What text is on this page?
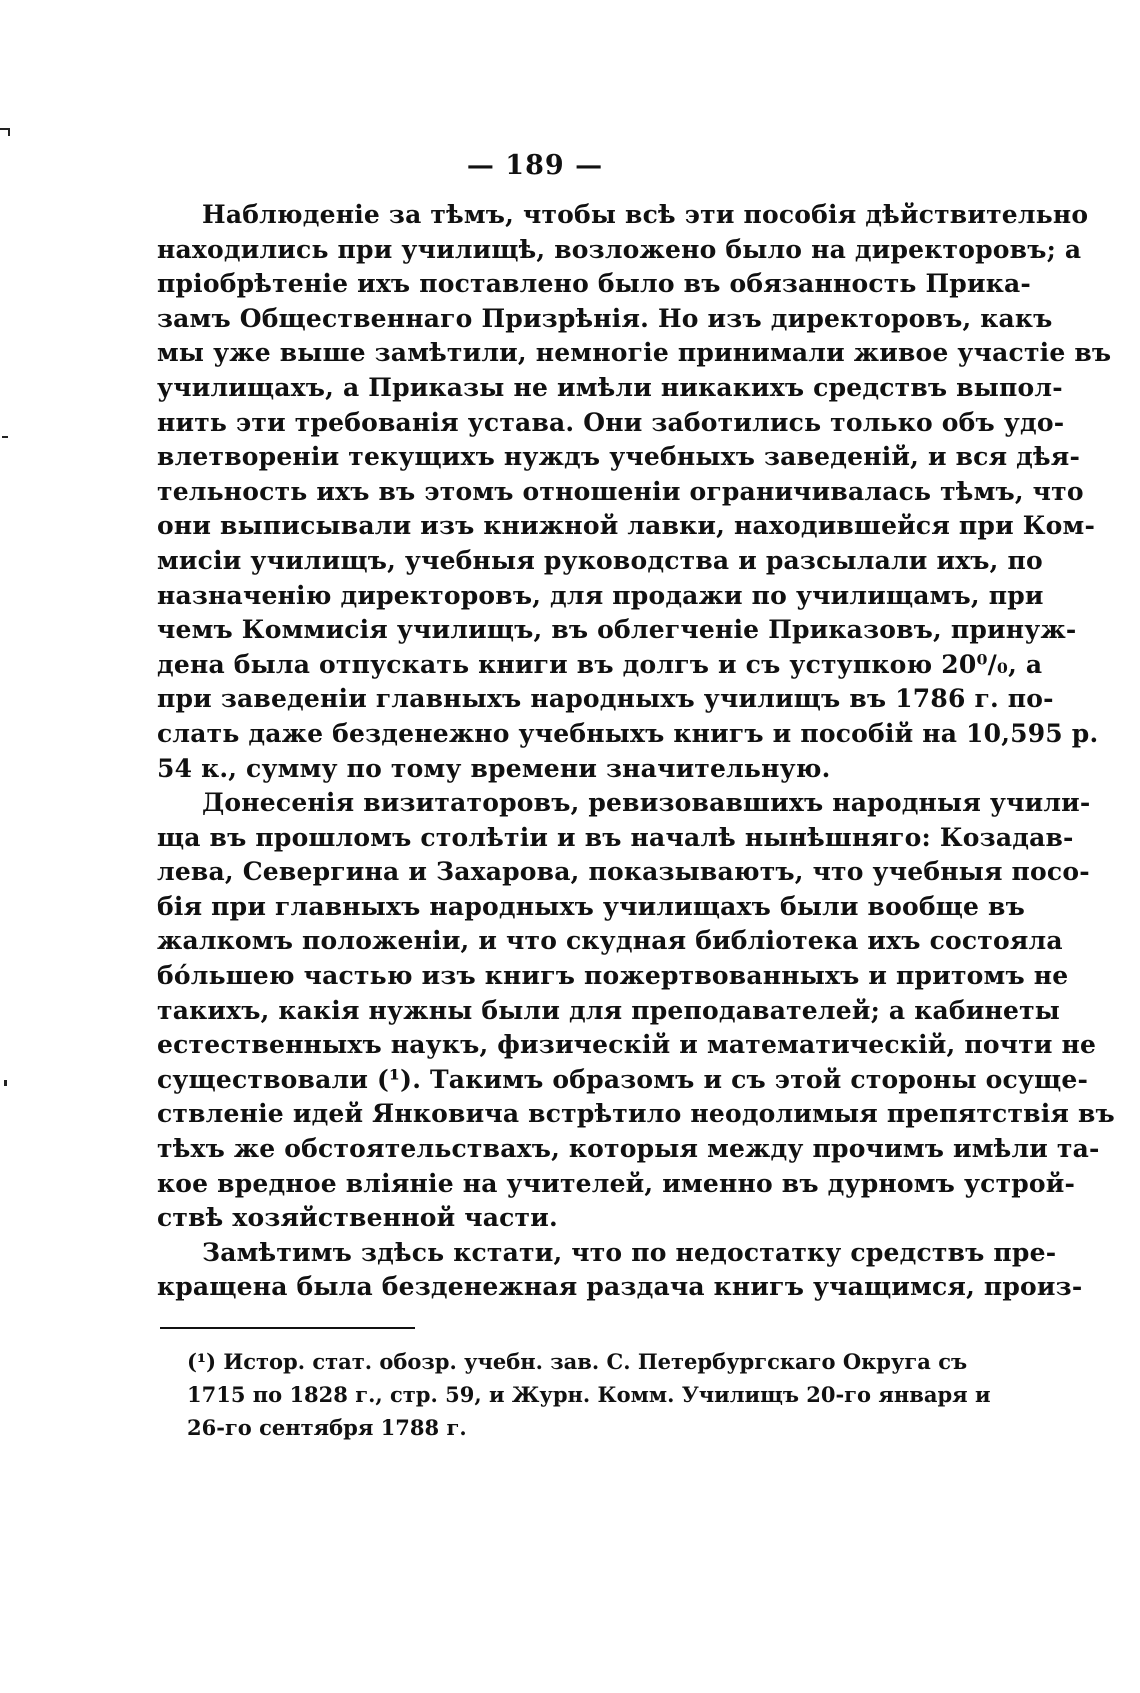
— 189 —
Наблюденіе за тѣмъ, чтобы всѣ эти пособія дѣйствительно
находились при училищѣ, возложено было на директоровъ; а
пріобрѣтеніе ихъ поставлено было въ обязанность Прика-
замъ Общественнаго Призрѣнія. Но изъ директоровъ, какъ
мы уже выше замѣтили, немногіе принимали живое участіе въ
училищахъ, а Приказы не имѣли никакихъ средствъ выпол-
нить эти требованія устава. Они заботились только объ удо-
влетвореніи текущихъ нуждъ учебныхъ заведеній, и вся дѣя-
тельность ихъ въ этомъ отношеніи ограничивалась тѣмъ, что
они выписывали изъ книжной лавки, находившейся при Ком-
мисіи училищъ, учебныя руководства и разсылали ихъ, по
назначенію директоровъ, для продажи по училищамъ, при
чемъ Коммисія училищъ, въ облегченіе Приказовъ, принуж-
дена была отпускать книги въ долгъ и съ уступкою 20⁰/₀, а
при заведеніи главныхъ народныхъ училищъ въ 1786 г. по-
слать даже безденежно учебныхъ книгъ и пособій на 10,595 р.
54 к., сумму по тому времени значительную.
Донесенія визитаторовъ, ревизовавшихъ народныя учили-
ща въ прошломъ столѣтіи и въ началѣ нынѣшняго: Козадав-
лева, Севергина и Захарова, показываютъ, что учебныя посо-
бія при главныхъ народныхъ училищахъ были вообще въ
жалкомъ положеніи, и что скудная библіотека ихъ состояла
бо́льшею частью изъ книгъ пожертвованныхъ и притомъ не
такихъ, какія нужны были для преподавателей; а кабинеты
естественныхъ наукъ, физическій и математическій, почти не
существовали (¹). Такимъ образомъ и съ этой стороны осуще-
ствленіе идей Янковича встрѣтило неодолимыя препятствія въ
тѣхъ же обстоятельствахъ, которыя между прочимъ имѣли та-
кое вредное вліяніе на учителей, именно въ дурномъ устрой-
ствѣ хозяйственной части.
Замѣтимъ здѣсь кстати, что по недостатку средствъ пре-
кращена была безденежная раздача книгъ учащимся, произ-
(¹) Истор. стат. обозр. учебн. зав. С. Петербургскаго Округа съ
1715 по 1828 г., стр. 59, и Журн. Комм. Училищъ 20-го января и
26-го сентября 1788 г.
